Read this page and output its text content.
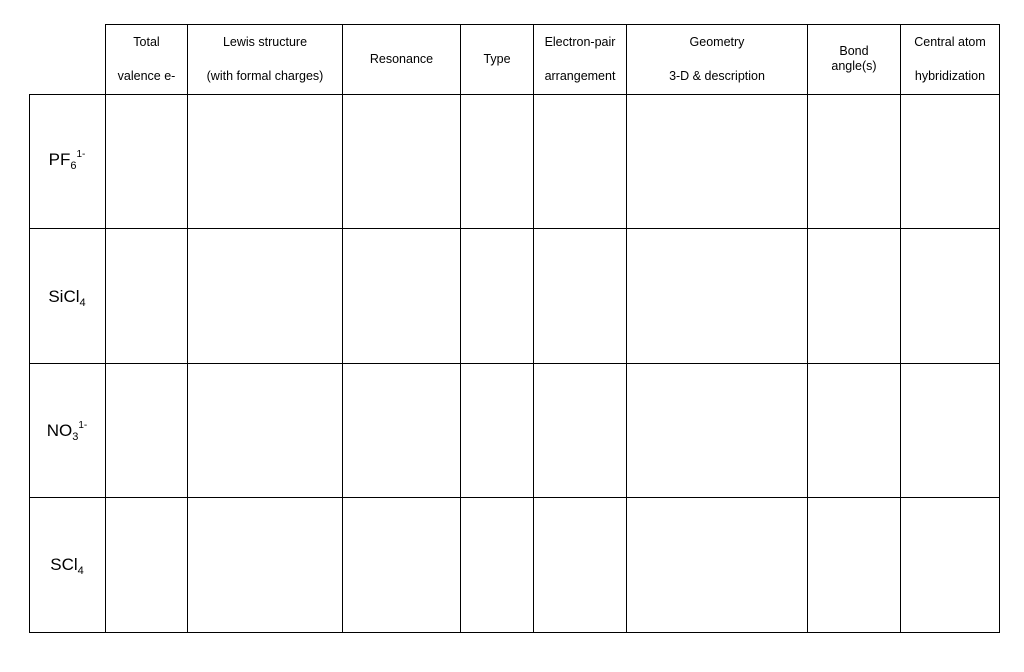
Total
valence e-
Lewis structure
(with formal charges)
Resonance	Type
Electron-pair
arrangement
Geometry
3-D & description
Bond
angle(s)
Central atom
hybridization
$PF_6^{1-}$
SiCl$_4$
$NO_3^{1-}$
SCl$_4$
